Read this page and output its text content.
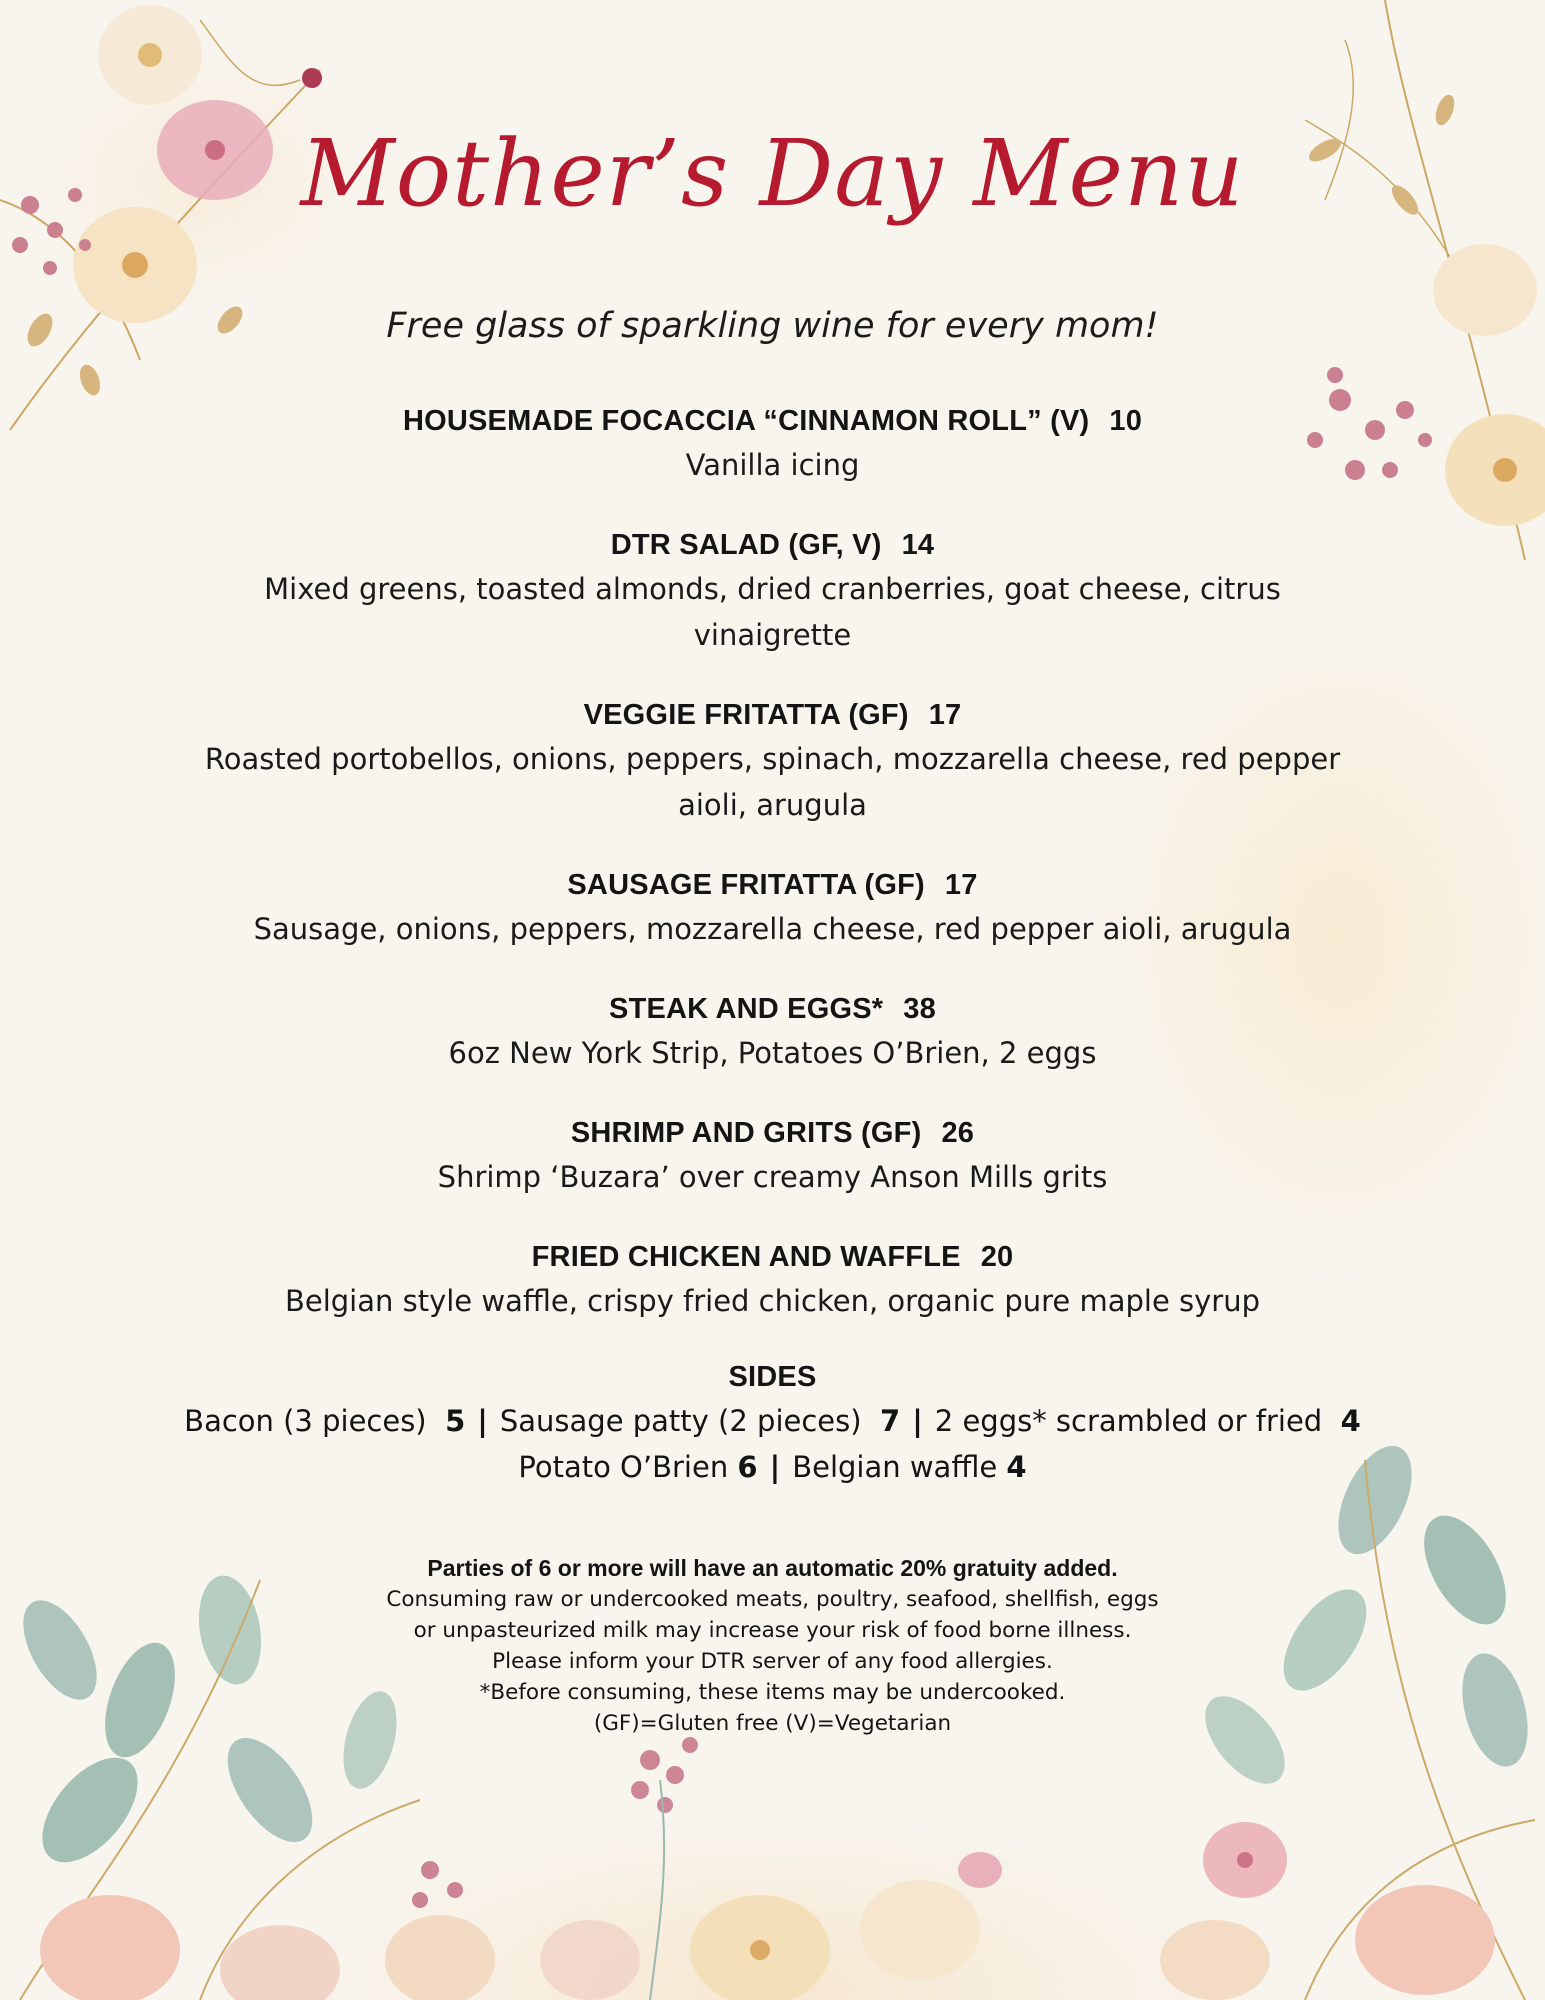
Mother’s Day Menu
Free glass of sparkling wine for every mom!
HOUSEMADE FOCACCIA “CINNAMON ROLL” (V) 10
Vanilla icing
DTR SALAD (GF, V) 14
Mixed greens, toasted almonds, dried cranberries, goat cheese, citrus vinaigrette
VEGGIE FRITATTA (GF) 17
Roasted portobellos, onions, peppers, spinach, mozzarella cheese, red pepper aioli, arugula
SAUSAGE FRITATTA (GF) 17
Sausage, onions, peppers, mozzarella cheese, red pepper aioli, arugula
STEAK AND EGGS* 38
6oz New York Strip, Potatoes O’Brien, 2 eggs
SHRIMP AND GRITS (GF) 26
Shrimp ‘Buzara’ over creamy Anson Mills grits
FRIED CHICKEN AND WAFFLE 20
Belgian style waffle, crispy fried chicken, organic pure maple syrup
SIDES
Bacon (3 pieces) 5 | Sausage patty (2 pieces) 7 | 2 eggs* scrambled or fried 4
Potato O’Brien 6 | Belgian waffle 4
Parties of 6 or more will have an automatic 20% gratuity added.
Consuming raw or undercooked meats, poultry, seafood, shellfish, eggs
or unpasteurized milk may increase your risk of food borne illness.
Please inform your DTR server of any food allergies.
*Before consuming, these items may be undercooked.
(GF)=Gluten free (V)=Vegetarian
